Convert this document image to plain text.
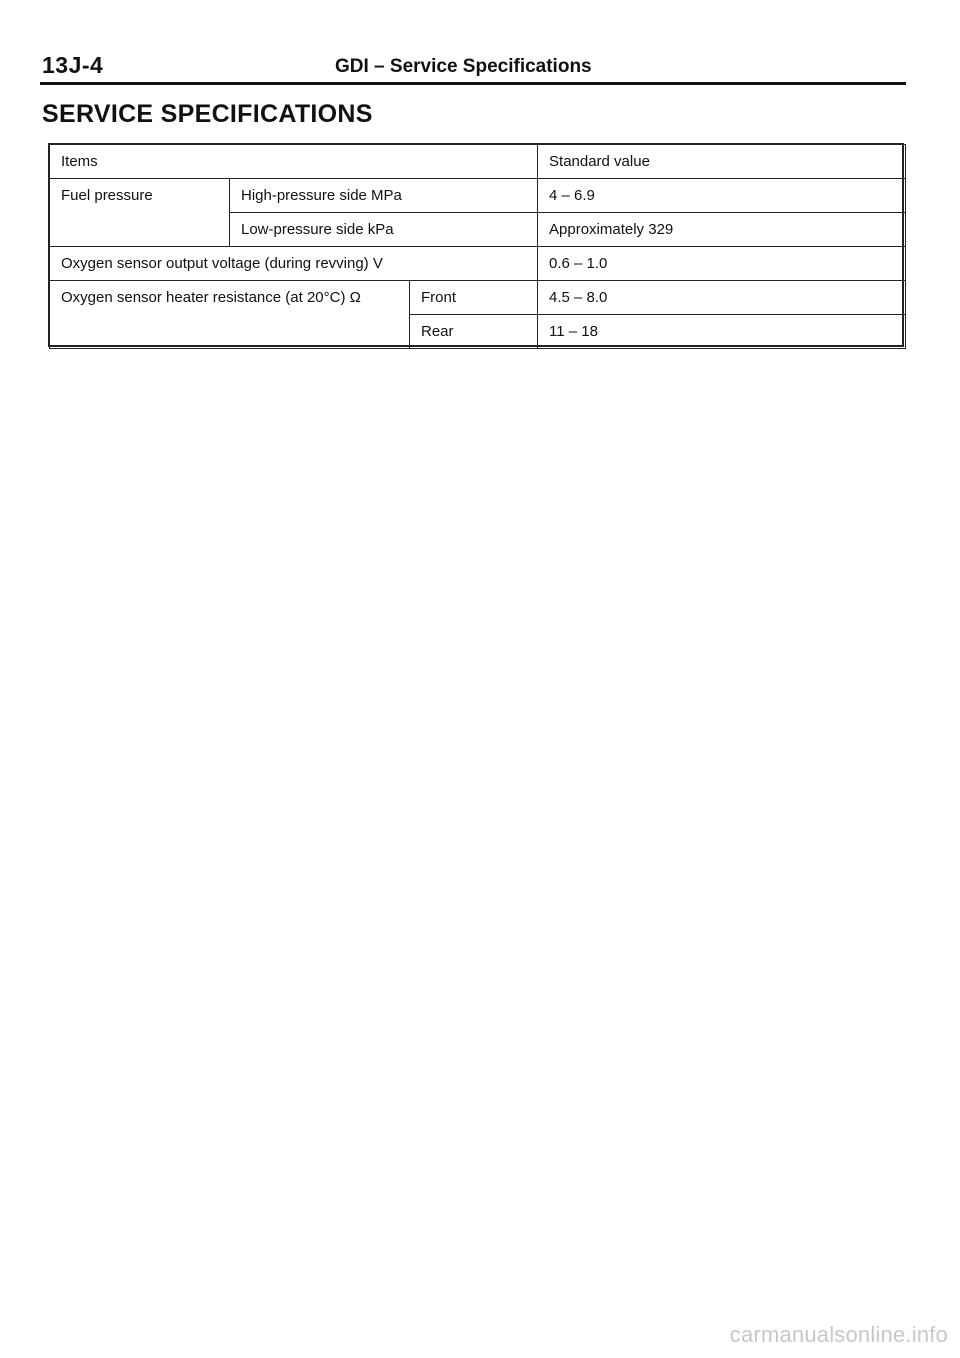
13J-4	GDI – Service Specifications
SERVICE SPECIFICATIONS
Items			Standard value
Fuel pressure	High-pressure side MPa		4 – 6.9
	Low-pressure side kPa		Approximately 329
Oxygen sensor output voltage (during revving) V			0.6 – 1.0
Oxygen sensor heater resistance (at 20°C) Ω		Front	4.5 – 8.0
		Rear	11 – 18
carmanualsonline.info
